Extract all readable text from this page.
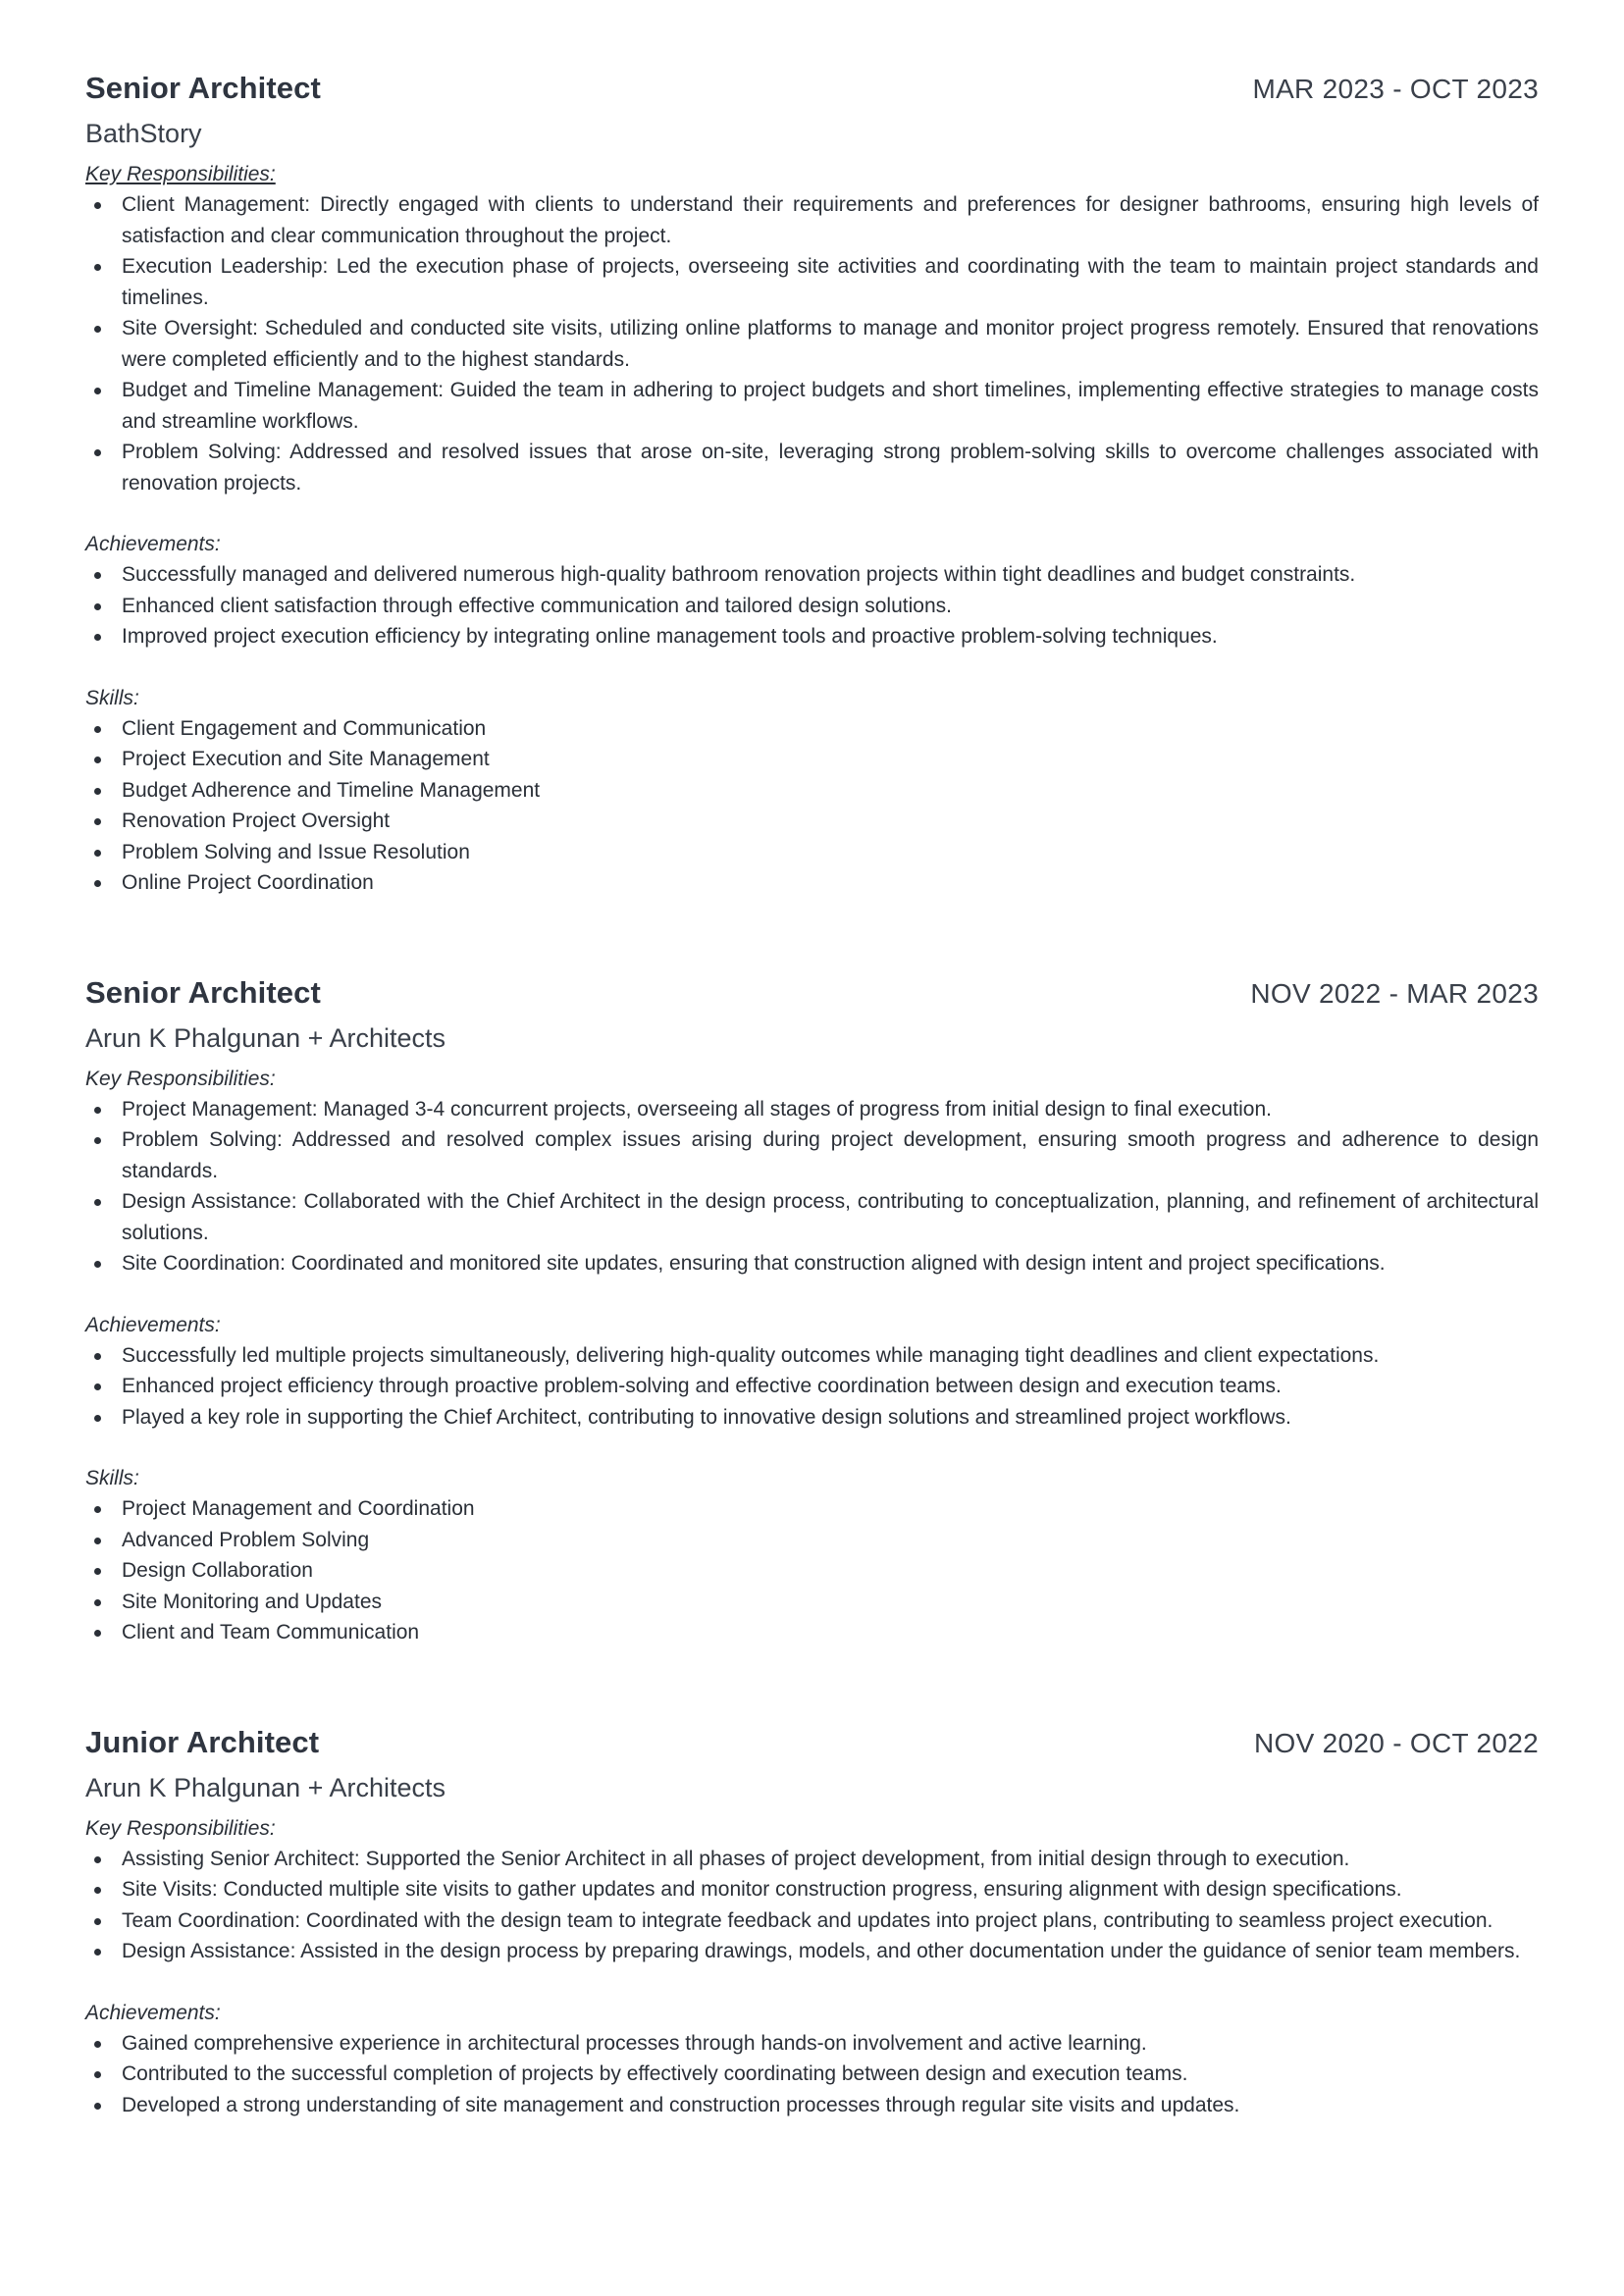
Senior Architect	MAR 2023 - OCT 2023
BathStory
Key Responsibilities:
Client Management: Directly engaged with clients to understand their requirements and preferences for designer bathrooms, ensuring high levels of satisfaction and clear communication throughout the project.
Execution Leadership: Led the execution phase of projects, overseeing site activities and coordinating with the team to maintain project standards and timelines.
Site Oversight: Scheduled and conducted site visits, utilizing online platforms to manage and monitor project progress remotely. Ensured that renovations were completed efficiently and to the highest standards.
Budget and Timeline Management: Guided the team in adhering to project budgets and short timelines, implementing effective strategies to manage costs and streamline workflows.
Problem Solving: Addressed and resolved issues that arose on-site, leveraging strong problem-solving skills to overcome challenges associated with renovation projects.
Achievements:
Successfully managed and delivered numerous high-quality bathroom renovation projects within tight deadlines and budget constraints.
Enhanced client satisfaction through effective communication and tailored design solutions.
Improved project execution efficiency by integrating online management tools and proactive problem-solving techniques.
Skills:
Client Engagement and Communication
Project Execution and Site Management
Budget Adherence and Timeline Management
Renovation Project Oversight
Problem Solving and Issue Resolution
Online Project Coordination
Senior Architect	NOV 2022 - MAR 2023
Arun K Phalgunan + Architects
Key Responsibilities:
Project Management: Managed 3-4 concurrent projects, overseeing all stages of progress from initial design to final execution.
Problem Solving: Addressed and resolved complex issues arising during project development, ensuring smooth progress and adherence to design standards.
Design Assistance: Collaborated with the Chief Architect in the design process, contributing to conceptualization, planning, and refinement of architectural solutions.
Site Coordination: Coordinated and monitored site updates, ensuring that construction aligned with design intent and project specifications.
Achievements:
Successfully led multiple projects simultaneously, delivering high-quality outcomes while managing tight deadlines and client expectations.
Enhanced project efficiency through proactive problem-solving and effective coordination between design and execution teams.
Played a key role in supporting the Chief Architect, contributing to innovative design solutions and streamlined project workflows.
Skills:
Project Management and Coordination
Advanced Problem Solving
Design Collaboration
Site Monitoring and Updates
Client and Team Communication
Junior Architect	NOV 2020 - OCT 2022
Arun K Phalgunan + Architects
Key Responsibilities:
Assisting Senior Architect: Supported the Senior Architect in all phases of project development, from initial design through to execution.
Site Visits: Conducted multiple site visits to gather updates and monitor construction progress, ensuring alignment with design specifications.
Team Coordination: Coordinated with the design team to integrate feedback and updates into project plans, contributing to seamless project execution.
Design Assistance: Assisted in the design process by preparing drawings, models, and other documentation under the guidance of senior team members.
Achievements:
Gained comprehensive experience in architectural processes through hands-on involvement and active learning.
Contributed to the successful completion of projects by effectively coordinating between design and execution teams.
Developed a strong understanding of site management and construction processes through regular site visits and updates.
